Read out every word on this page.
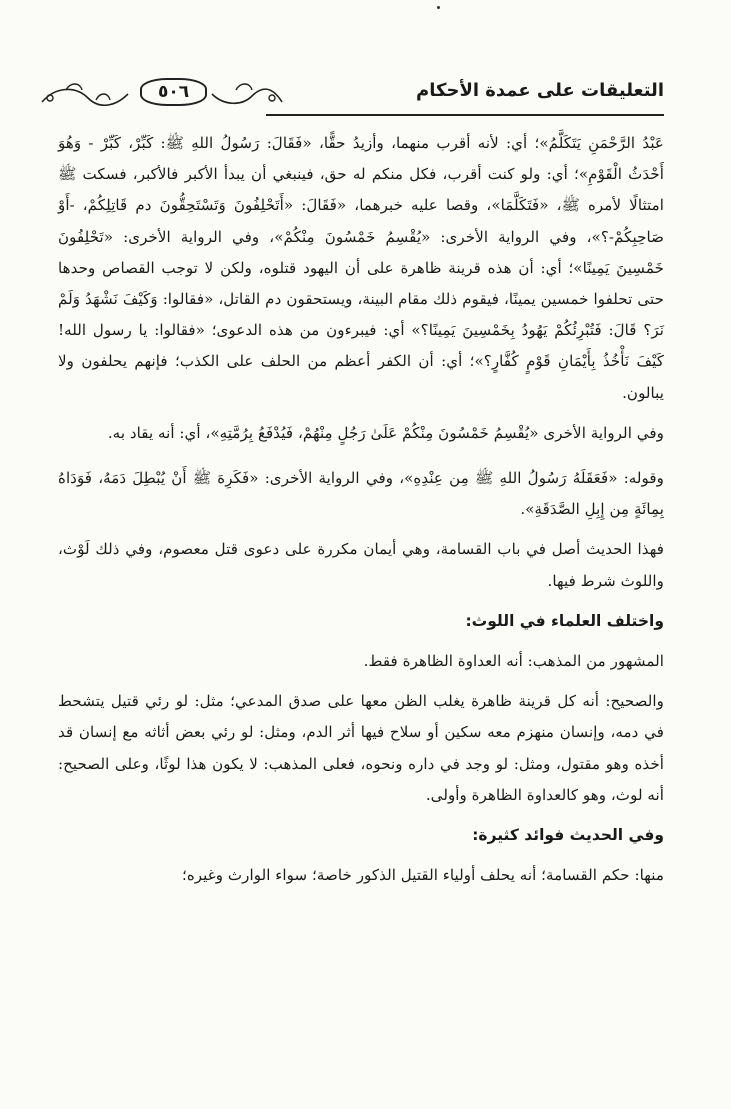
٥٠٦	التعليقات على عمدة الأحكام

عَبْدُ الرَّحْمَنِ يَتَكَلَّمُ»؛ أي: لأنه أقرب منهما، وأزيدُ حقًّا، «فَقَالَ: رَسُولُ اللهِ ﷺ: كَبِّرْ، كَبِّرْ - وَهُوَ أَحْدَثُ الْقَوْمِ»؛ أي: ولو كنت أقرب، فكل منكم له حق، فينبغي أن يبدأ الأكبر فالأكبر، فسكت ﷺ امتثالًا لأمره ﷺ، «فَتَكَلَّمَا»، وقصا عليه خبرهما، «فَقَالَ: «أَتَحْلِفُونَ وَتَسْتَحِقُّونَ دم قَاتِلِكُمْ، -أَوْ صَاحِبِكُمْ-؟»، وفي الرواية الأخرى: «يُقْسِمُ خَمْسُونَ مِنْكُمْ»، وفي الرواية الأخرى: «تَحْلِفُونَ خَمْسِينَ يَمِينًا»؛ أي: أن هذه قرينة ظاهرة على أن اليهود قتلوه، ولكن لا توجب القصاص وحدها حتى تحلفوا خمسين يمينًا، فيقوم ذلك مقام البينة، ويستحقون دم القاتل، «فقالوا: وَكَيْفَ نَشْهَدُ وَلَمْ نَرَ؟ قَالَ: فَتُبْرِئُكُمْ يَهُودُ بِخَمْسِينَ يَمِينًا؟» أي: فيبرءون من هذه الدعوى؛ «فقالوا: يا رسول الله! كَيْفَ نَأْخُذُ بِأَيْمَانِ قَوْمٍ كُفَّارٍ؟»؛ أي: أن الكفر أعظم من الحلف على الكذب؛ فإنهم يحلفون ولا يبالون.

وفي الرواية الأخرى «يُقْسِمُ خَمْسُونَ مِنْكُمْ عَلَىٰ رَجُلٍ مِنْهُمْ، فَيُدْفَعُ بِرُمَّتِهِ»، أي: أنه يقاد به.

وقوله: «فَعَقَلَهُ رَسُولُ اللهِ ﷺ مِن عِنْدِهِ»، وفي الرواية الأخرى: «فَكَرِهَ ﷺ أَنْ يُبْطِلَ دَمَهُ، فَوَدَاهُ بِمِائَةٍ مِن إِبِلِ الصَّدَقَةِ».

فهذا الحديث أصل في باب القسامة، وهي أيمان مكررة على دعوى قتل معصوم، وفي ذلك لَوْث، واللوث شرط فيها.

واختلف العلماء في اللوث:

المشهور من المذهب: أنه العداوة الظاهرة فقط.

والصحيح: أنه كل قرينة ظاهرة يغلب الظن معها على صدق المدعي؛ مثل: لو رئي قتيل يتشحط في دمه، وإنسان منهزم معه سكين أو سلاح فيها أثر الدم، ومثل: لو رئي بعض أثاثه مع إنسان قد أخذه وهو مقتول، ومثل: لو وجد في داره ونحوه، فعلى المذهب: لا يكون هذا لوثًا، وعلى الصحيح: أنه لوث، وهو كالعداوة الظاهرة وأولى.

وفي الحديث فوائد كثيرة:

منها: حكم القسامة؛ أنه يحلف أولياء القتيل الذكور خاصة؛ سواء الوارث وغيره؛
